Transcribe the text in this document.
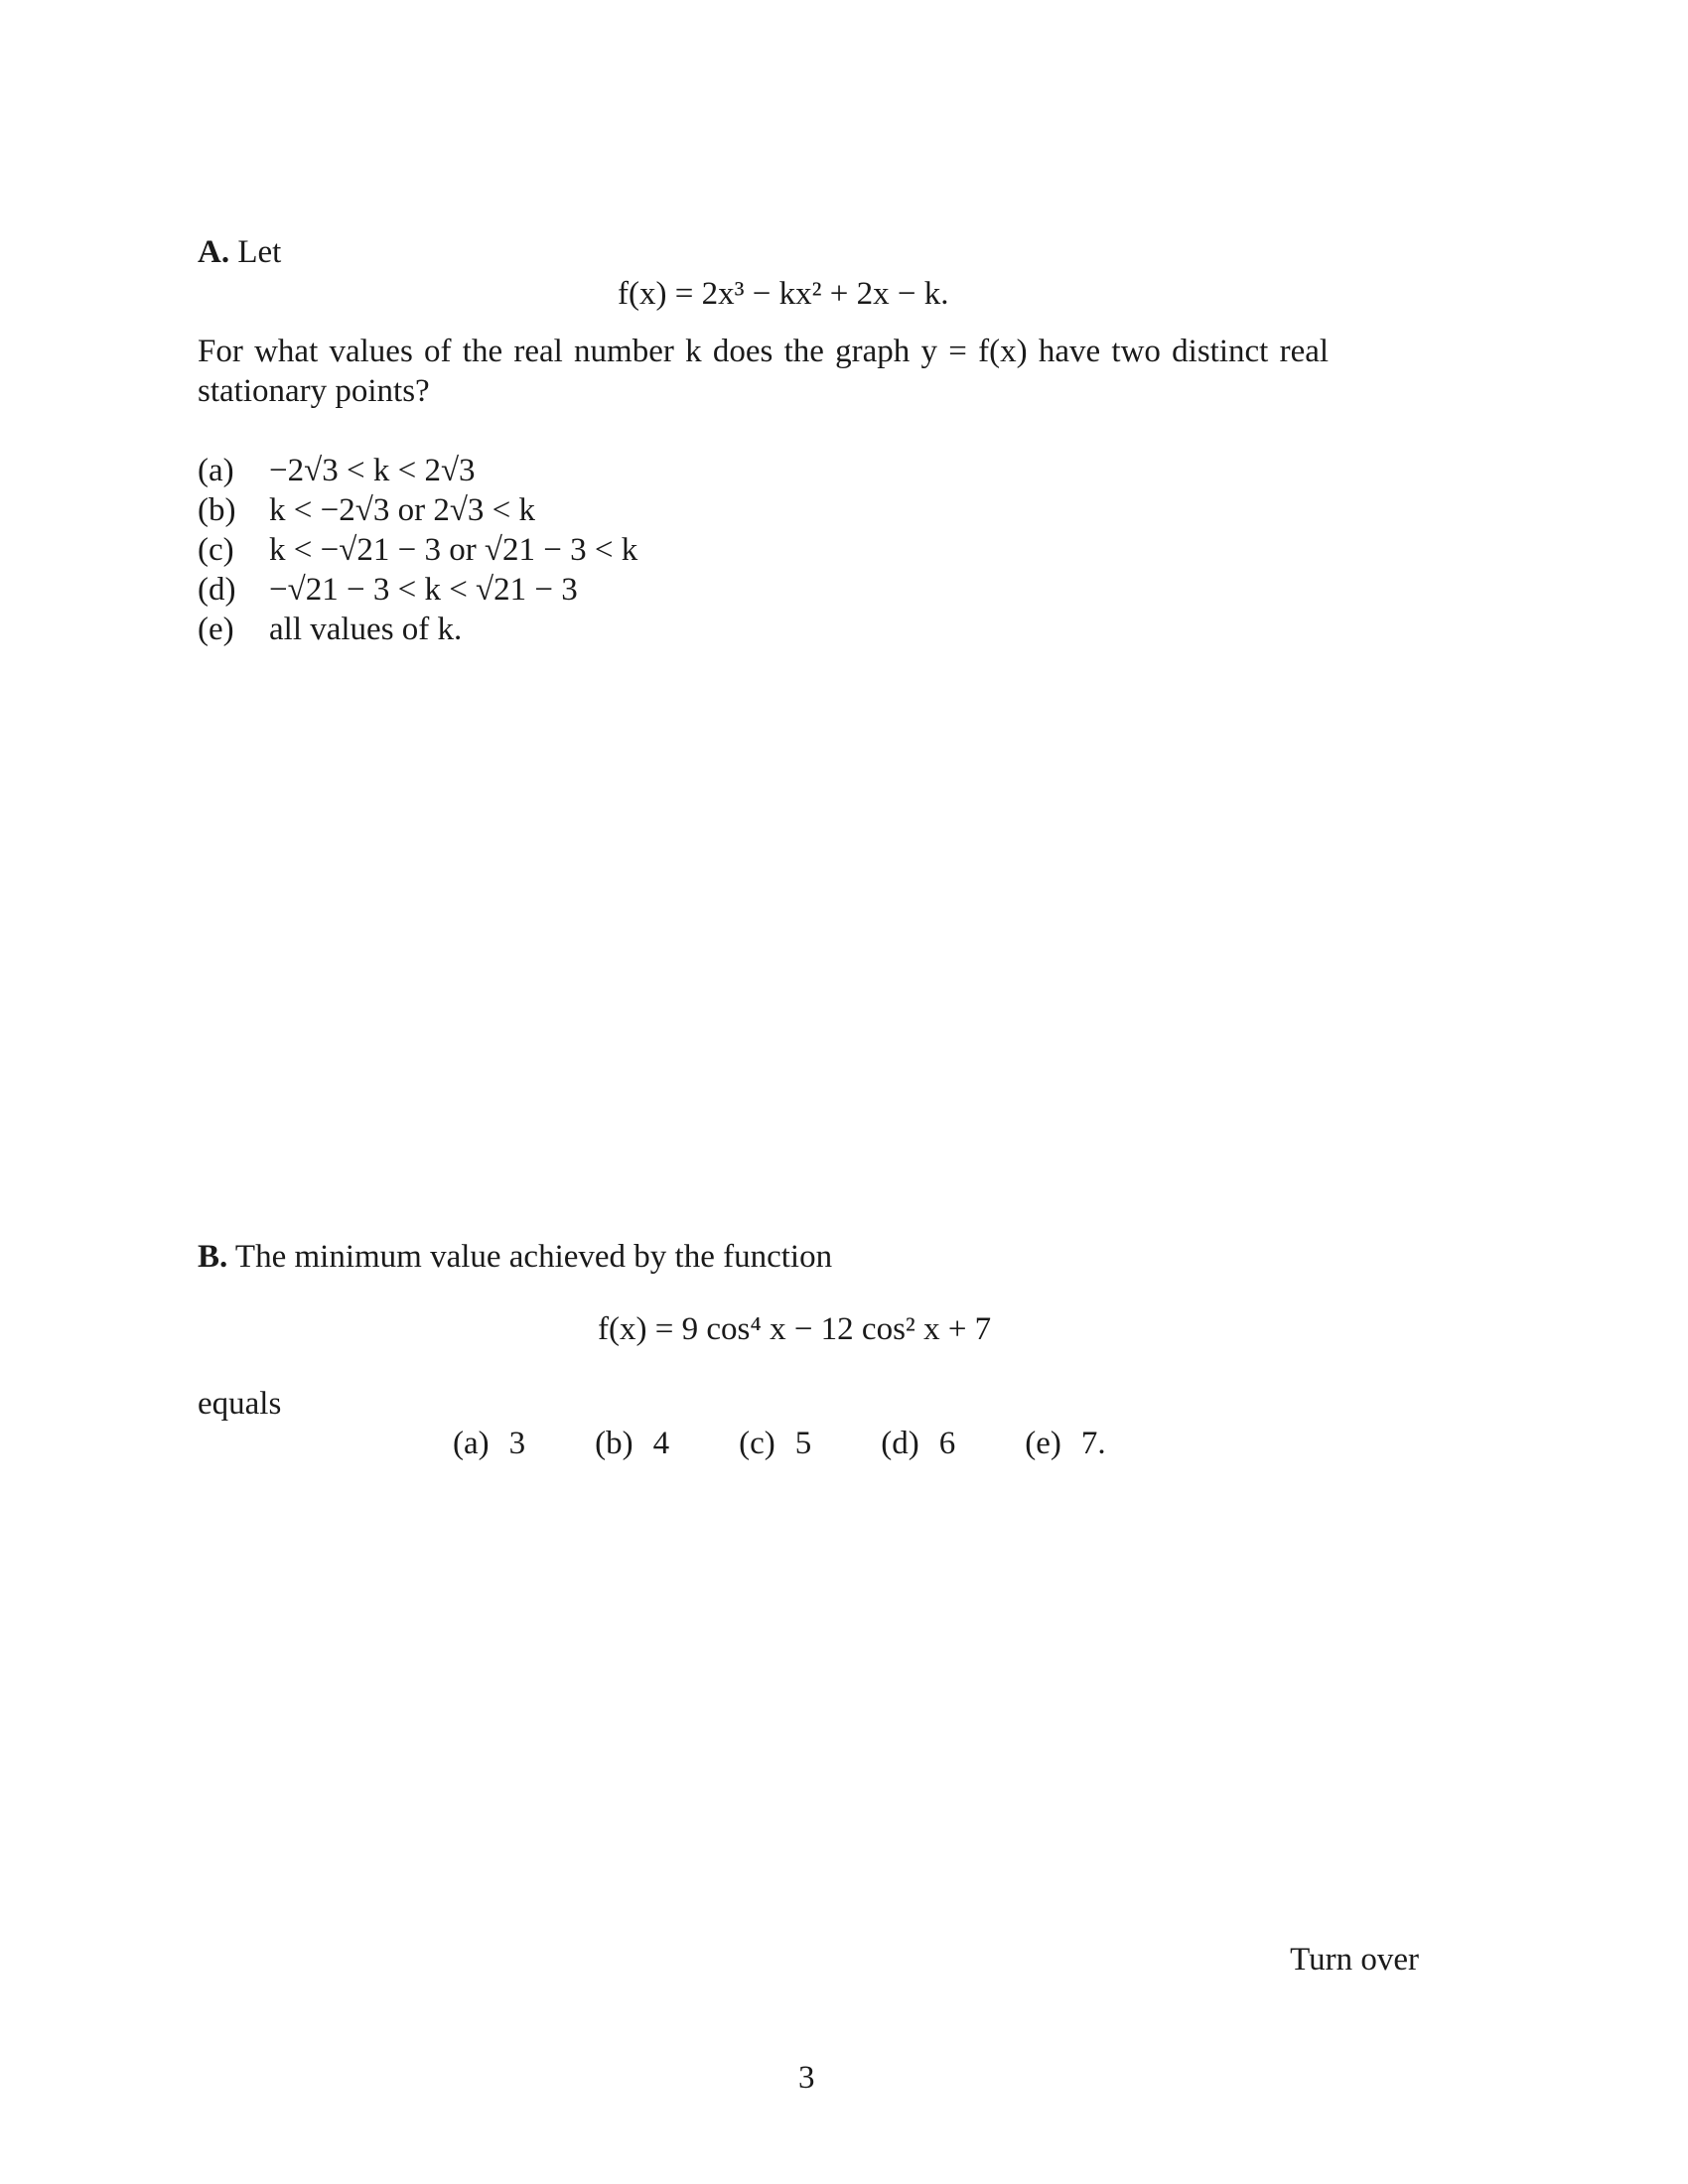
A. Let
f(x) = 2x³ − kx² + 2x − k.
For what values of the real number k does the graph y = f(x) have two distinct real
stationary points?
(a) −2√3 < k < 2√3
(b) k < −2√3 or 2√3 < k
(c) k < −√21 − 3 or √21 − 3 < k
(d) −√21 − 3 < k < √21 − 3
(e) all values of k.
B. The minimum value achieved by the function
f(x) = 9 cos⁴ x − 12 cos² x + 7
equals
(a) 3 (b) 4 (c) 5 (d) 6 (e) 7.
Turn over
3
